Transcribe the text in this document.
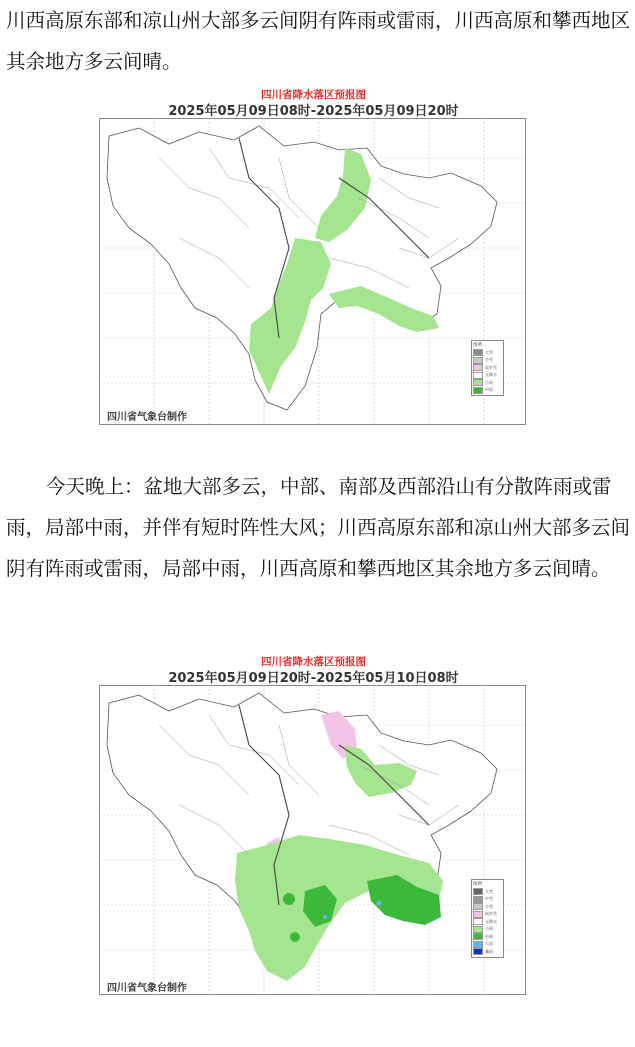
川西高原东部和凉山州大部多云间阴有阵雨或雷雨，川西高原和攀西地区其余地方多云间晴。

四川省降水落区预报图
2025年05月09日08时-2025年05月09日20时
四川省气象台制作
图例
大雪
小雪
雨夹雪
无降水
小雨
中雨

今天晚上：盆地大部多云，中部、南部及西部沿山有分散阵雨或雷雨，局部中雨，并伴有短时阵性大风；川西高原东部和凉山州大部多云间阴有阵雨或雷雨，局部中雨，川西高原和攀西地区其余地方多云间晴。

四川省降水落区预报图
2025年05月09日20时-2025年05月10日08时
四川省气象台制作
图例
大雪
中雪
小雪
雨夹雪
无降水
小雨
中雨
大雨
暴雨
